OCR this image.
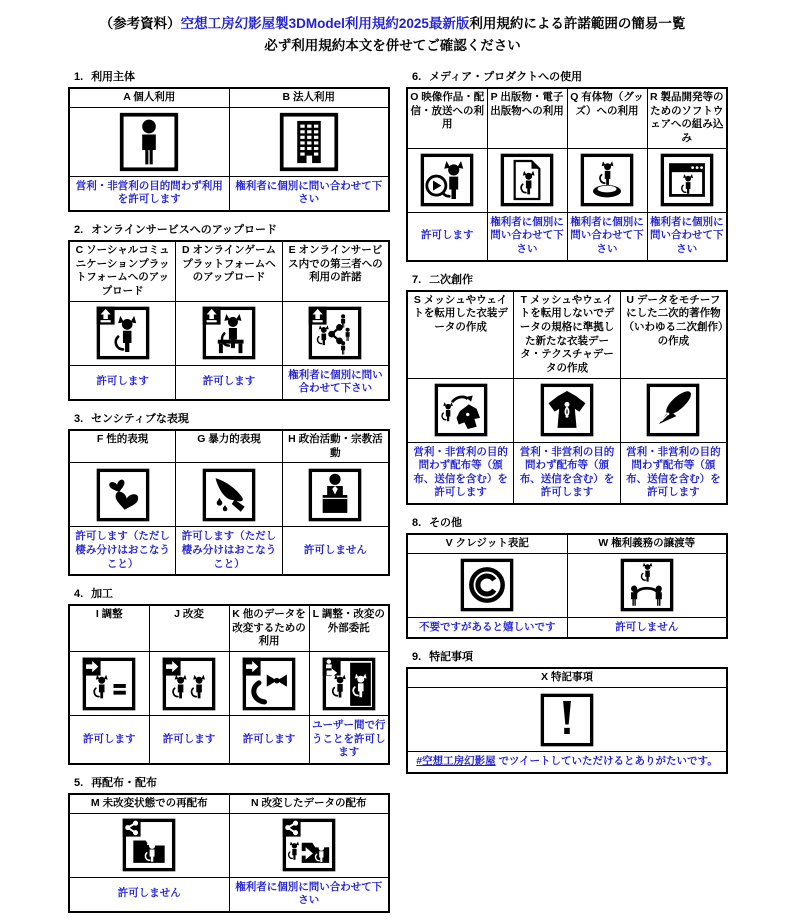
（参考資料）空想工房幻影屋製3DModel利用規約2025最新版利用規約による許諾範囲の簡易一覧
必ず利用規約本文を併せてご確認ください
1. 利用主体
A 個人利用	B 法人利用

営利・非営利の目的問わず利用を許可します	権利者に個別に問い合わせて下さい
2. オンラインサービスへのアップロード
C ソーシャルコミュニケーションプラットフォームへのアップロード	D オンラインゲームプラットフォームへのアップロード	E オンラインサービス内での第三者への利用の許諾

許可します	許可します	権利者に個別に問い合わせて下さい
3. センシティブな表現
F 性的表現	G 暴力的表現	H 政治活動・宗教活動

許可します（ただし棲み分けはおこなうこと）	許可します（ただし棲み分けはおこなうこと）	許可しません
4. 加工
I 調整	J 改変	K 他のデータを改変するための利用	L 調整・改変の外部委託

許可します	許可します	許可します	ユーザー間で行うことを許可します
5. 再配布・配布
M 未改変状態での再配布	N 改変したデータの配布

許可しません	権利者に個別に問い合わせて下さい
6. メディア・プロダクトへの使用
O 映像作品・配信・放送への利用	P 出版物・電子出版物への利用	Q 有体物（グッズ）への利用	R 製品開発等のためのソフトウェアへの組み込み

許可します	権利者に個別に問い合わせて下さい	権利者に個別に問い合わせて下さい	権利者に個別に問い合わせて下さい
7. 二次創作
S メッシュやウェイトを転用した衣装データの作成	T メッシュやウェイトを転用しないでデータの規格に準拠した新たな衣装データ・テクスチャデータの作成	U データをモチーフにした二次的著作物（いわゆる二次創作）の作成

営利・非営利の目的問わず配布等（頒布、送信を含む）を許可します	営利・非営利の目的問わず配布等（頒布、送信を含む）を許可します	営利・非営利の目的問わず配布等（頒布、送信を含む）を許可します
8. その他
V クレジット表記	W 権利義務の譲渡等

不要ですがあると嬉しいです	許可しません
9. 特記事項
X 特記事項

#空想工房幻影屋 でツイートしていただけるとありがたいです。
